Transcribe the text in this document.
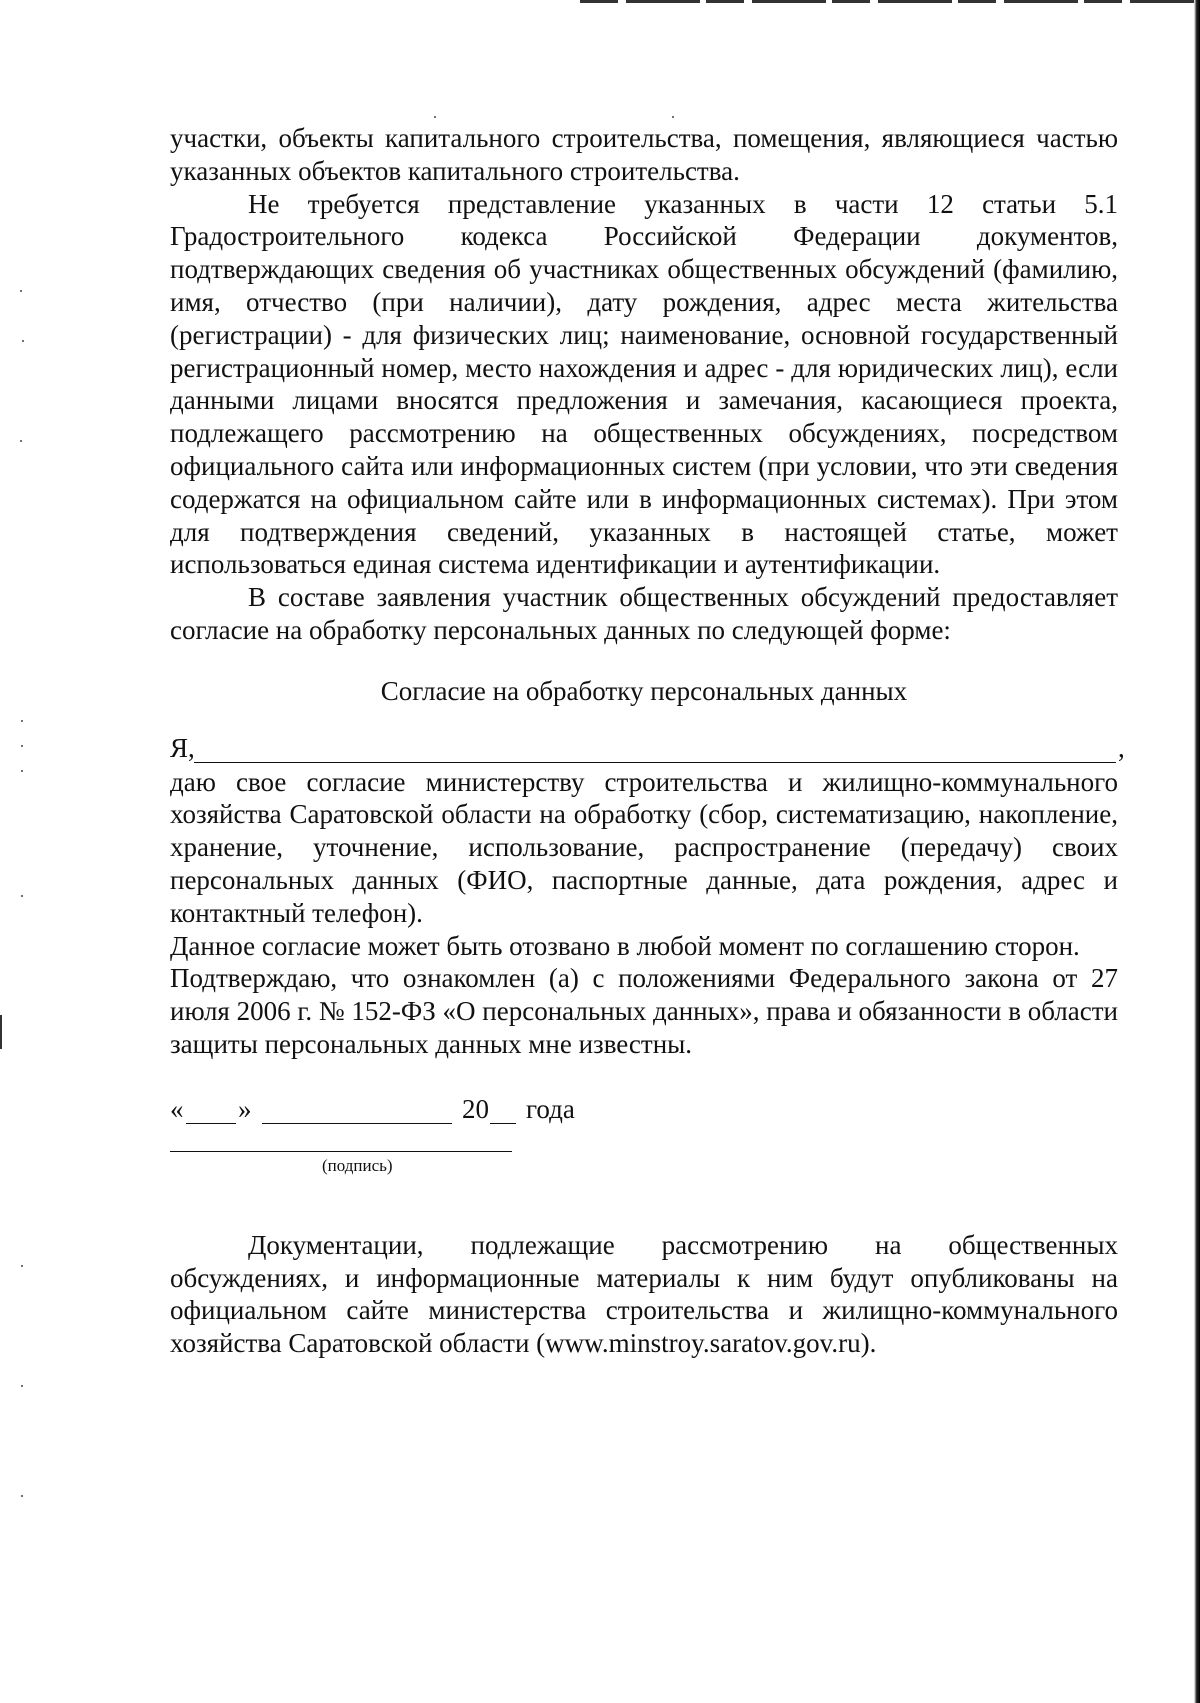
участки, объекты капитального строительства, помещения, являющиеся частью указанных объектов капитального строительства.

Не требуется представление указанных в части 12 статьи 5.1 Градостроительного кодекса Российской Федерации документов, подтверждающих сведения об участниках общественных обсуждений (фамилию, имя, отчество (при наличии), дату рождения, адрес места жительства (регистрации) - для физических лиц; наименование, основной государственный регистрационный номер, место нахождения и адрес - для юридических лиц), если данными лицами вносятся предложения и замечания, касающиеся проекта, подлежащего рассмотрению на общественных обсуждениях, посредством официального сайта или информационных систем (при условии, что эти сведения содержатся на официальном сайте или в информационных системах). При этом для подтверждения сведений, указанных в настоящей статье, может использоваться единая система идентификации и аутентификации.

В составе заявления участник общественных обсуждений предоставляет согласие на обработку персональных данных по следующей форме:

Согласие на обработку персональных данных

Я,	,

даю свое согласие министерству строительства и жилищно-коммунального хозяйства Саратовской области на обработку (сбор, систематизацию, накопление, хранение, уточнение, использование, распространение (передачу) своих персональных данных (ФИО, паспортные данные, дата рождения, адрес и контактный телефон).

Данное согласие может быть отозвано в любой момент по соглашению сторон.

Подтверждаю, что ознакомлен (а) с положениями Федерального закона от 27 июля 2006 г. № 152-ФЗ «О персональных данных», права и обязанности в области защиты персональных данных мне известны.

« »	20 года
(подпись)

Документации, подлежащие рассмотрению на общественных обсуждениях, и информационные материалы к ним будут опубликованы на официальном сайте министерства строительства и жилищно-коммунального хозяйства Саратовской области (www.minstroy.saratov.gov.ru).
